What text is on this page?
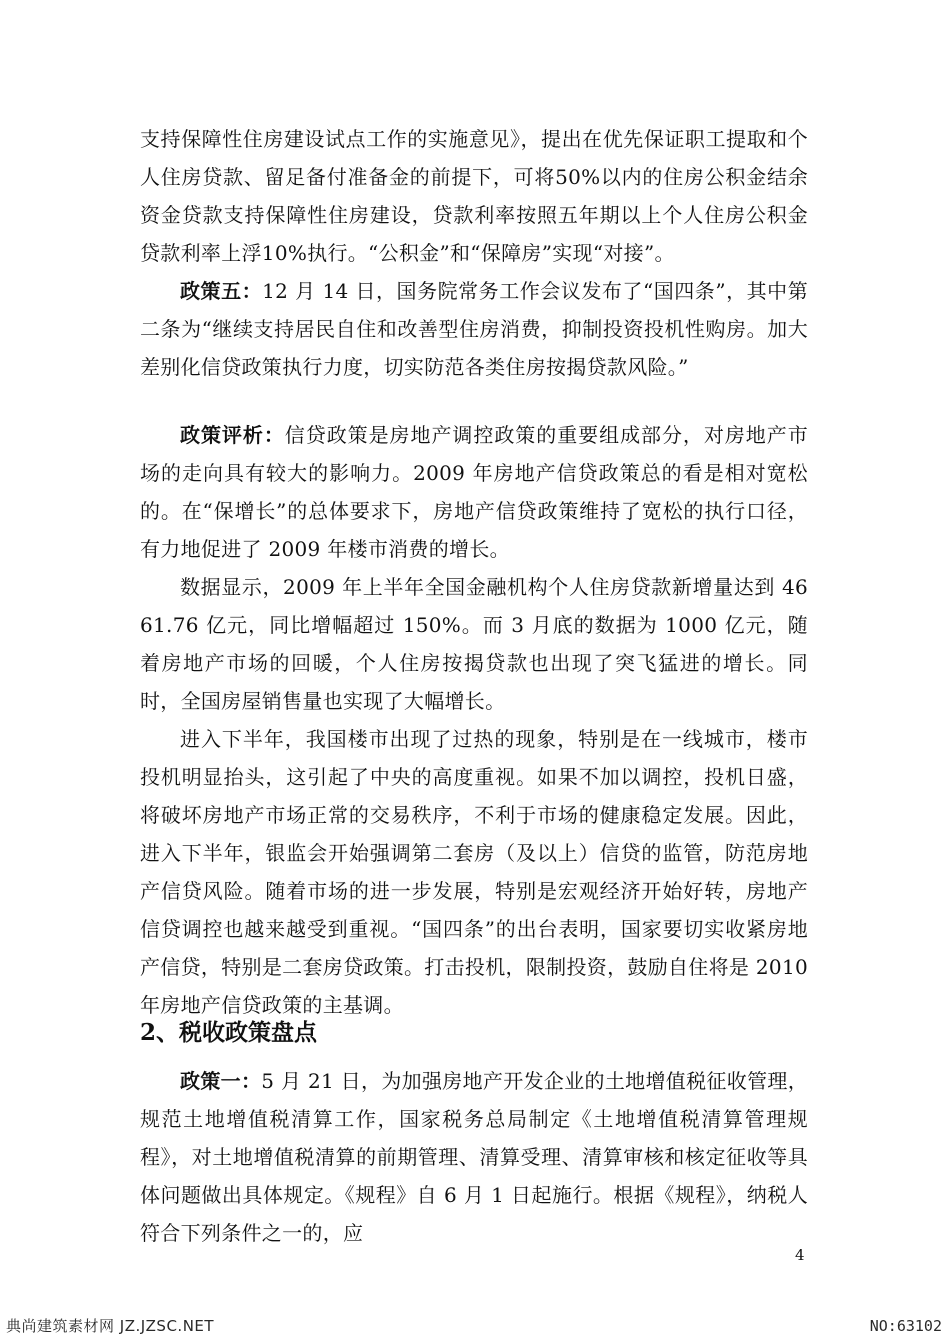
支持保障性住房建设试点工作的实施意见》，提出在优先保证职工提取和个人住房贷款、留足备付准备金的前提下，可将50%以内的住房公积金结余资金贷款支持保障性住房建设，贷款利率按照五年期以上个人住房公积金贷款利率上浮10%执行。“公积金”和“保障房”实现“对接”。

政策五：12 月 14 日，国务院常务工作会议发布了“国四条”，其中第二条为“继续支持居民自住和改善型住房消费，抑制投资投机性购房。加大差别化信贷政策执行力度，切实防范各类住房按揭贷款风险。”

政策评析：信贷政策是房地产调控政策的重要组成部分，对房地产市场的走向具有较大的影响力。2009 年房地产信贷政策总的看是相对宽松的。在“保增长”的总体要求下，房地产信贷政策维持了宽松的执行口径，有力地促进了 2009 年楼市消费的增长。

数据显示，2009 年上半年全国金融机构个人住房贷款新增量达到 4661.76 亿元，同比增幅超过 150%。而 3 月底的数据为 1000 亿元，随着房地产市场的回暖，个人住房按揭贷款也出现了突飞猛进的增长。同时，全国房屋销售量也实现了大幅增长。

进入下半年，我国楼市出现了过热的现象，特别是在一线城市，楼市投机明显抬头，这引起了中央的高度重视。如果不加以调控，投机日盛，将破坏房地产市场正常的交易秩序，不利于市场的健康稳定发展。因此，进入下半年，银监会开始强调第二套房（及以上）信贷的监管，防范房地产信贷风险。随着市场的进一步发展，特别是宏观经济开始好转，房地产信贷调控也越来越受到重视。“国四条”的出台表明，国家要切实收紧房地产信贷，特别是二套房贷政策。打击投机，限制投资，鼓励自住将是 2010 年房地产信贷政策的主基调。

2、税收政策盘点

政策一：5 月 21 日，为加强房地产开发企业的土地增值税征收管理，规范土地增值税清算工作，国家税务总局制定《土地增值税清算管理规程》，对土地增值税清算的前期管理、清算受理、清算审核和核定征收等具体问题做出具体规定。《规程》自 6 月 1 日起施行。根据《规程》，纳税人符合下列条件之一的，应

4
典尚建筑素材网 JZ.JZSC.NET	NO:63102
